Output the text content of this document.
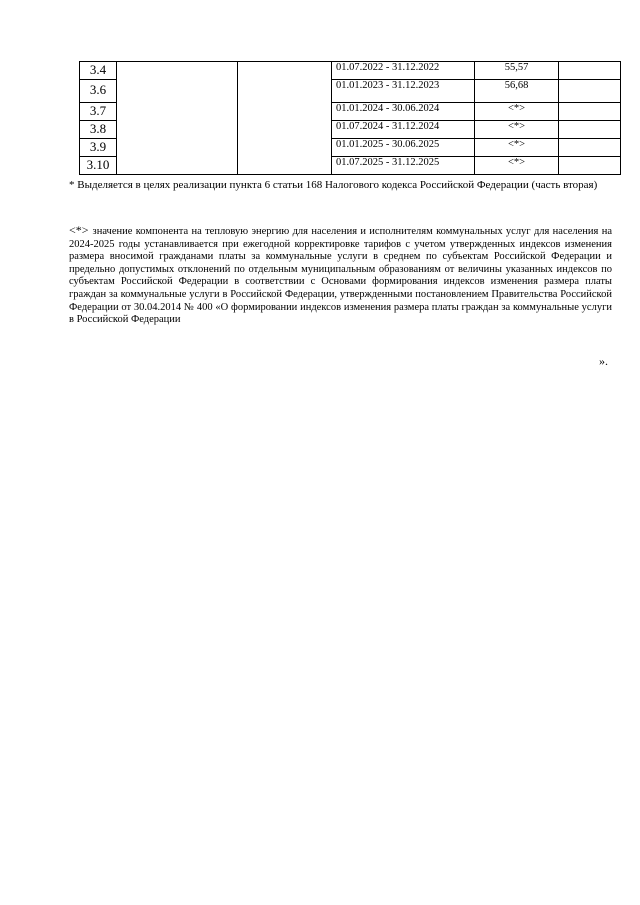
3.4			01.07.2022 - 31.12.2022	55,57	

3.6			01.01.2023 - 31.12.2023	56,68	

3.7			01.01.2024 - 30.06.2024	<*>	

3.8			01.07.2024 - 31.12.2024	<*>	

3.9			01.01.2025 - 30.06.2025	<*>	

3.10			01.07.2025 - 31.12.2025	<*>	
* Выделяется в целях реализации пункта 6 статьи 168 Налогового кодекса Российской Федерации (часть вторая)
<*> значение компонента на тепловую энергию для населения и исполнителям коммунальных услуг для населения на 2024-2025 годы устанавливается при ежегодной корректировке тарифов с учетом утвержденных индексов изменения размера вносимой гражданами платы за коммунальные услуги в среднем по субъектам Российской Федерации и предельно допустимых отклонений по отдельным муниципальным образованиям от величины указанных индексов по субъектам Российской Федерации в соответствии с Основами формирования индексов изменения размера платы граждан за коммунальные услуги в Российской Федерации, утвержденными постановлением Правительства Российской Федерации от 30.04.2014 № 400 «О формировании индексов изменения размера платы граждан за коммунальные услуги в Российской Федерации
».
